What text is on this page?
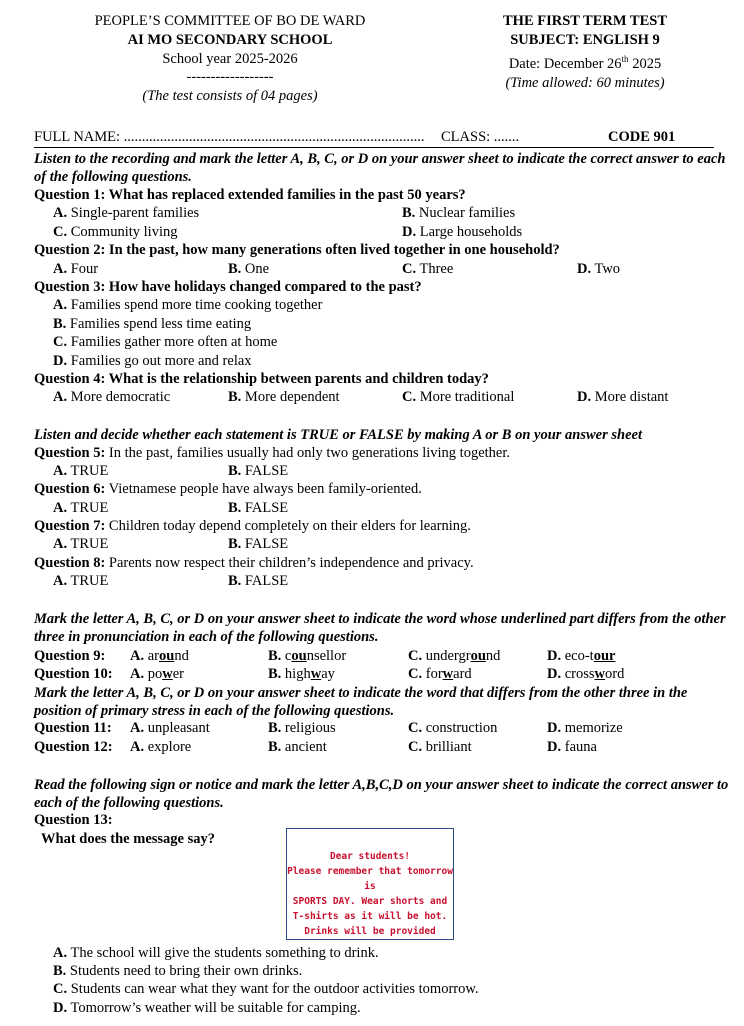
PEOPLE’S COMMITTEE OF BO DE WARD
AI MO SECONDARY SCHOOL
School year 2025-2026
------------------
(The test consists of 04 pages)
THE FIRST TERM TEST
SUBJECT: ENGLISH 9
Date: December 26th 2025
(Time allowed: 60 minutes)
FULL NAME: ................................................................................... CLASS: .......	CODE 901
Listen to the recording and mark the letter A, B, C, or D on your answer sheet to indicate the correct answer to each of the following questions.
Question 1: What has replaced extended families in the past 50 years?
A. Single-parent families	B. Nuclear families
C. Community living	D. Large households
Question 2: In the past, how many generations often lived together in one household?
A. Four	B. One	C. Three	D. Two
Question 3: How have holidays changed compared to the past?
A. Families spend more time cooking together
B. Families spend less time eating
C. Families gather more often at home
D. Families go out more and relax
Question 4: What is the relationship between parents and children today?
A. More democratic	B. More dependent	C. More traditional	D. More distant
Listen and decide whether each statement is TRUE or FALSE by making A or B on your answer sheet
Question 5: In the past, families usually had only two generations living together.
A. TRUE	B. FALSE
Question 6: Vietnamese people have always been family-oriented.
A. TRUE	B. FALSE
Question 7: Children today depend completely on their elders for learning.
A. TRUE	B. FALSE
Question 8: Parents now respect their children’s independence and privacy.
A. TRUE	B. FALSE
Mark the letter A, B, C, or D on your answer sheet to indicate the word whose underlined part differs from the other three in pronunciation in each of the following questions.
Question 9: A. around	B. counsellor	C. underground	D. eco-tour
Question 10: A. power	B. highway	C. forward	D. crossword
Mark the letter A, B, C, or D on your answer sheet to indicate the word that differs from the other three in the position of primary stress in each of the following questions.
Question 11: A. unpleasant	B. religious	C. construction	D. memorize
Question 12: A. explore	B. ancient	C. brilliant	D. fauna
Read the following sign or notice and mark the letter A,B,C,D on your answer sheet to indicate the correct answer to each of the following questions.
Question 13:
What does the message say?
Dear students!
Please remember that tomorrow is
SPORTS DAY. Wear shorts and
T-shirts as it will be hot.
Drinks will be provided
A. The school will give the students something to drink.
B. Students need to bring their own drinks.
C. Students can wear what they want for the outdoor activities tomorrow.
D. Tomorrow’s weather will be suitable for camping.
